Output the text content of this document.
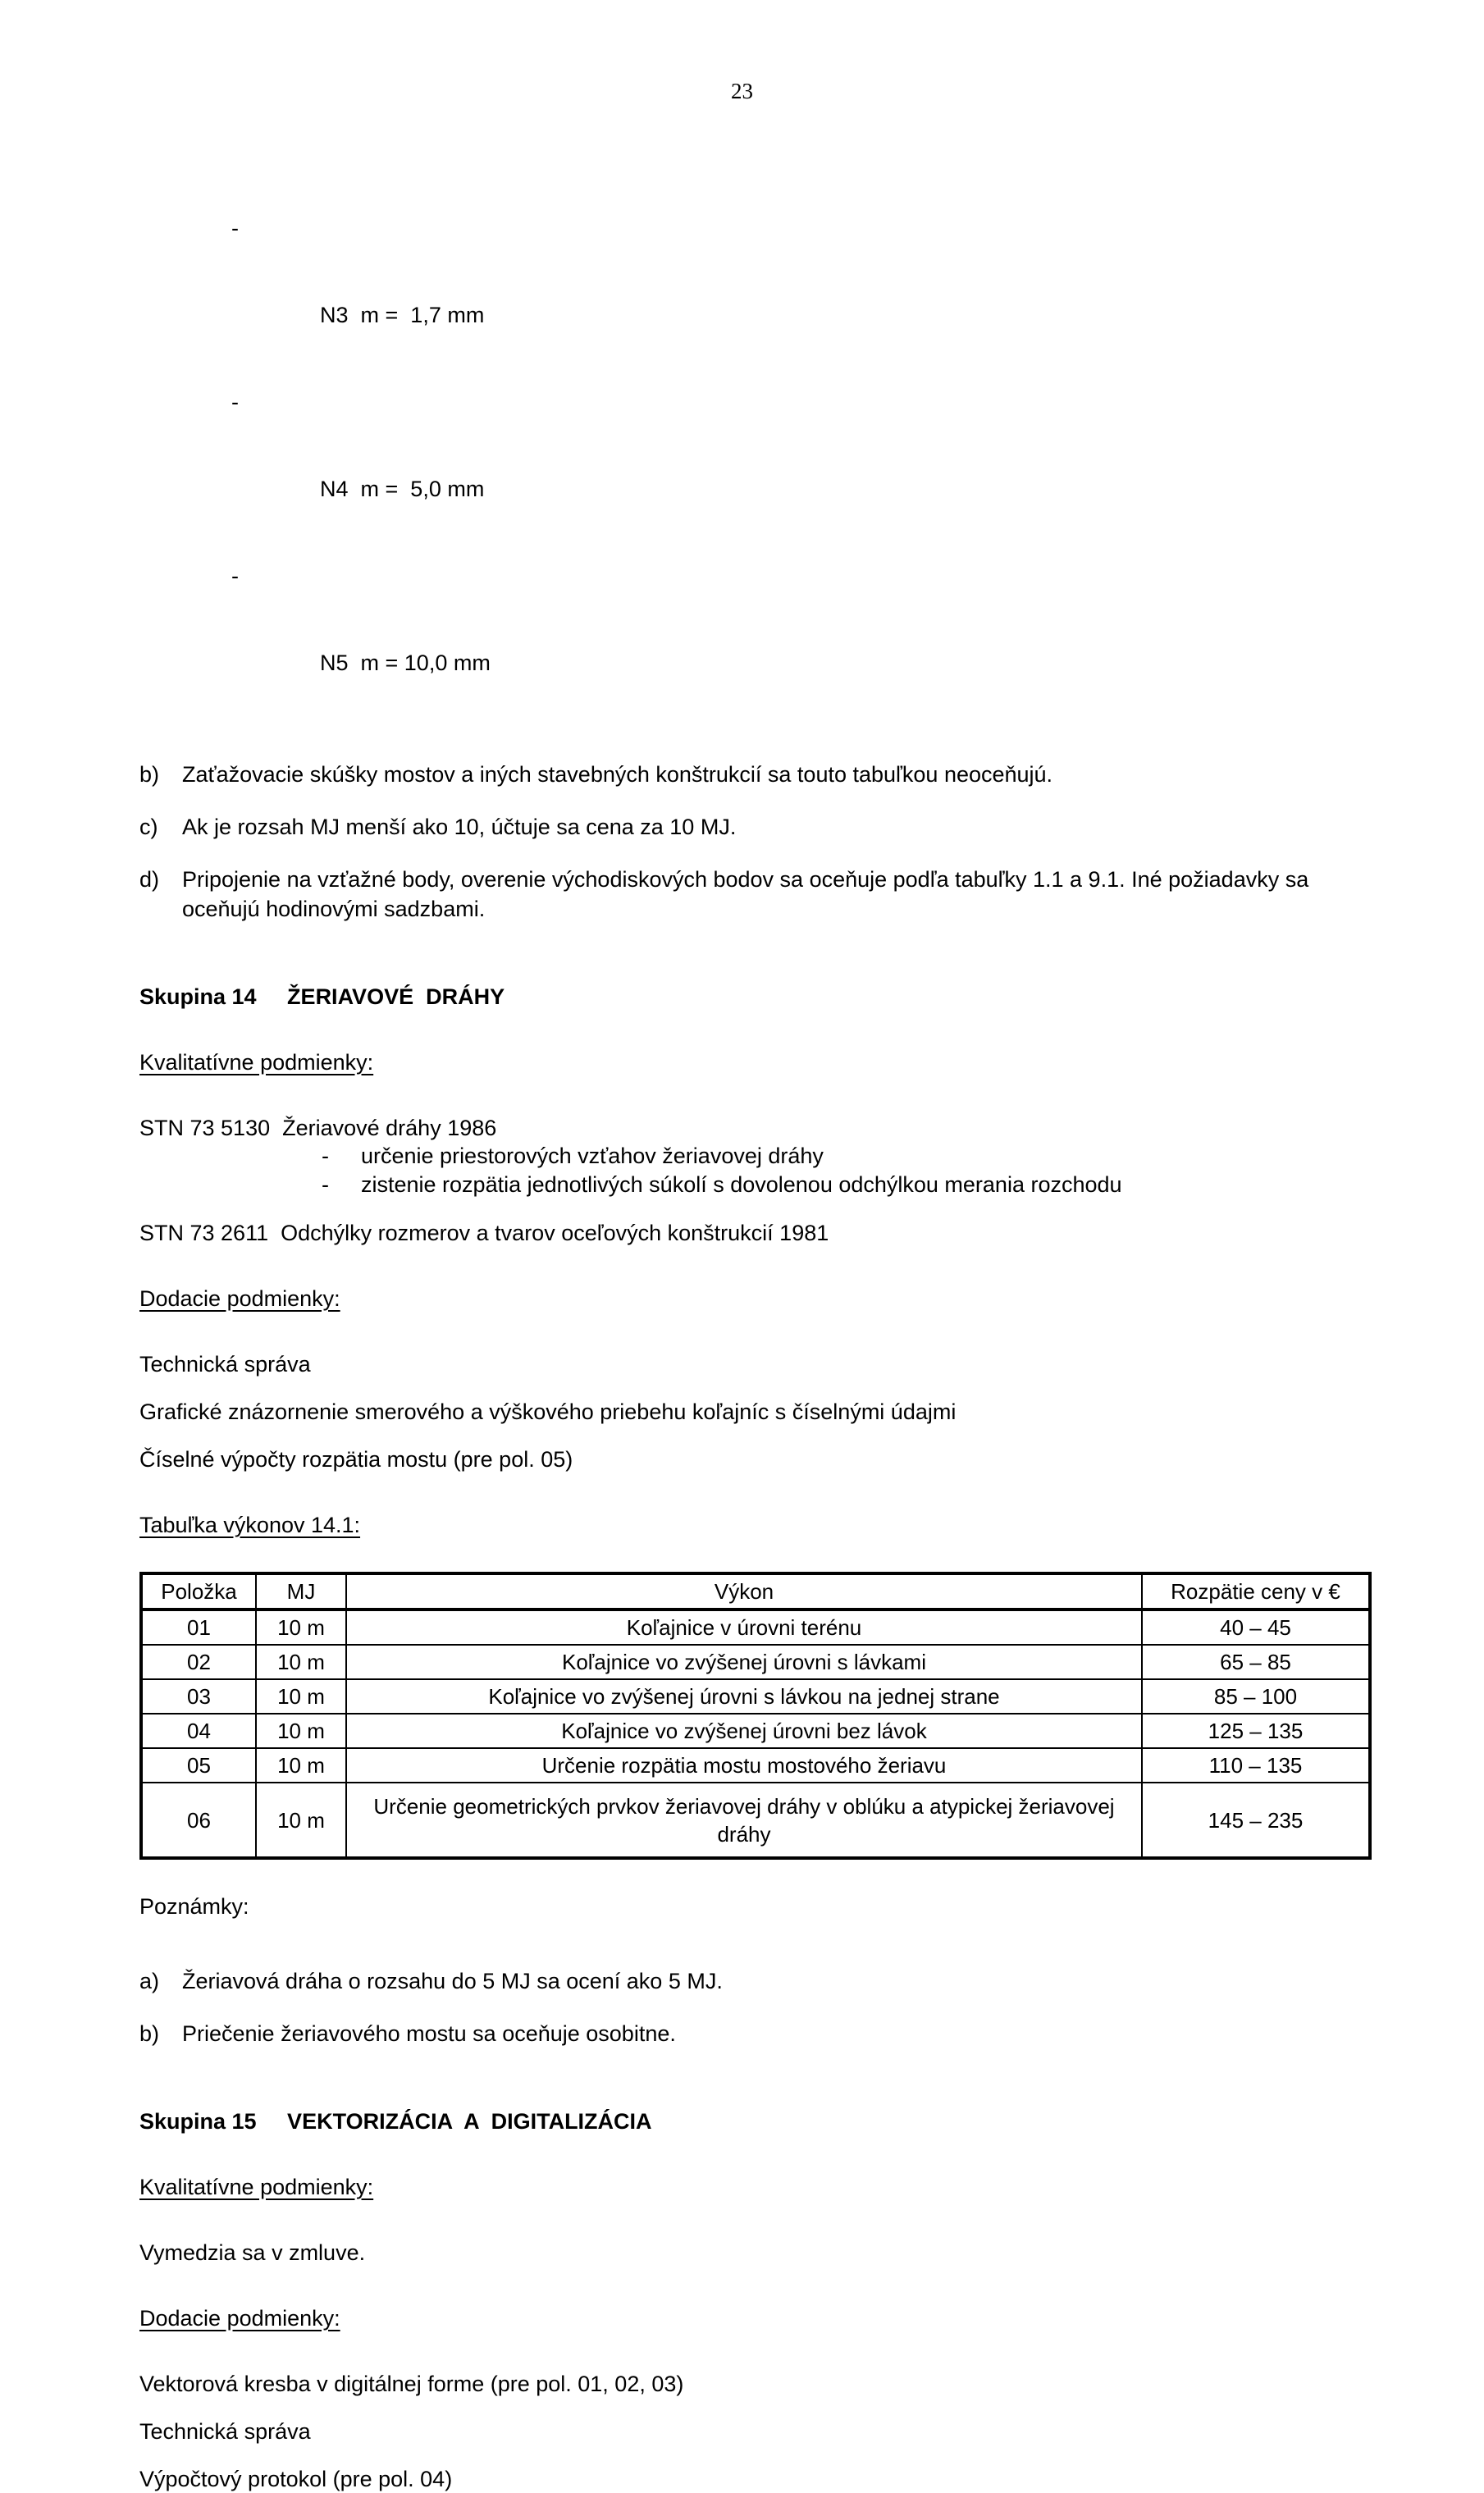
23

-

N3  m =  1,7 mm

-

N4  m =  5,0 mm

-

N5  m = 10,0 mm

b) Zaťažovacie skúšky mostov a iných stavebných konštrukcií sa touto tabuľkou neoceňujú.
c) Ak je rozsah MJ menší ako 10, účtuje sa cena za 10 MJ.
d) Pripojenie na vzťažné body, overenie východiskových bodov sa oceňuje podľa tabuľky 1.1 a 9.1. Iné požiadavky sa oceňujú hodinovými sadzbami.
Skupina 14     ŽERIAVOVÉ  DRÁHY
Kvalitatívne podmienky:
STN 73 5130  Žeriavové dráhy 1986
- určenie priestorových vzťahov žeriavovej dráhy
- zistenie rozpätia jednotlivých súkolí s dovolenou odchýlkou merania rozchodu
STN 73 2611  Odchýlky rozmerov a tvarov oceľových konštrukcií 1981
Dodacie podmienky:
Technická správa
Grafické znázornenie smerového a výškového priebehu koľajníc s číselnými údajmi
Číselné výpočty rozpätia mostu (pre pol. 05)
Tabuľka výkonov 14.1:
Položka	MJ	Výkon	Rozpätie ceny v €
01	10 m	Koľajnice v úrovni terénu	40 – 45
02	10 m	Koľajnice vo zvýšenej úrovni s lávkami	65 – 85
03	10 m	Koľajnice vo zvýšenej úrovni s lávkou na jednej strane	85 – 100
04	10 m	Koľajnice vo zvýšenej úrovni bez lávok	125 – 135
05	10 m	Určenie rozpätia mostu mostového žeriavu	110 – 135
06	10 m	Určenie geometrických prvkov žeriavovej dráhy v oblúku a atypickej žeriavovej dráhy	145 – 235
Poznámky:
a) Žeriavová dráha o rozsahu do 5 MJ sa ocení ako 5 MJ.
b) Priečenie žeriavového mostu sa oceňuje osobitne.
Skupina 15     VEKTORIZÁCIA  A  DIGITALIZÁCIA
Kvalitatívne podmienky:
Vymedzia sa v zmluve.
Dodacie podmienky:
Vektorová kresba v digitálnej forme (pre pol. 01, 02, 03)
Technická správa
Výpočtový protokol (pre pol. 04)
